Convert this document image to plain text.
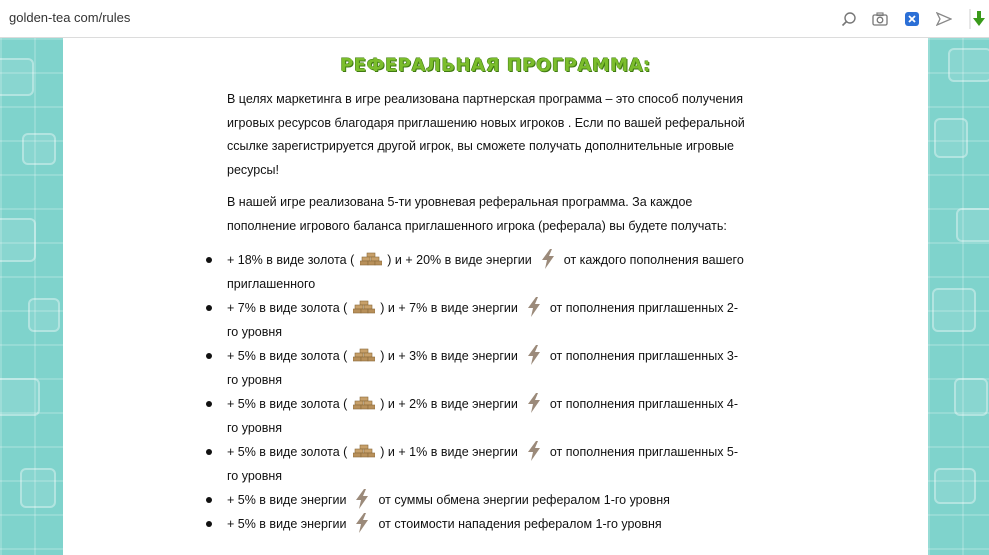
golden-tea com/rules
РЕФЕРАЛЬНАЯ ПРОГРАММА:
В целях маркетинга в игре реализована партнерская программа – это способ получения игровых ресурсов благодаря приглашению новых игроков . Если по вашей реферальной ссылке зарегистрируется другой игрок, вы сможете получать дополнительные игровые ресурсы!
В нашей игре реализована 5-ти уровневая реферальная программа. За каждое пополнение игрового баланса приглашенного игрока (реферала) вы будете получать:
+ 18% в виде золота (	) и + 20% в виде энергии	от каждого пополнения вашего приглашенного
+ 7% в виде золота (	) и + 7% в виде энергии	от пополнения приглашенных 2-го уровня
+ 5% в виде золота (	) и + 3% в виде энергии	от пополнения приглашенных 3-го уровня
+ 5% в виде золота (	) и + 2% в виде энергии	от пополнения приглашенных 4-го уровня
+ 5% в виде золота (	) и + 1% в виде энергии	от пополнения приглашенных 5-го уровня
+ 5% в виде энергии	от суммы обмена энергии рефералом 1-го уровня
+ 5% в виде энергии	от стоимости нападения рефералом 1-го уровня
